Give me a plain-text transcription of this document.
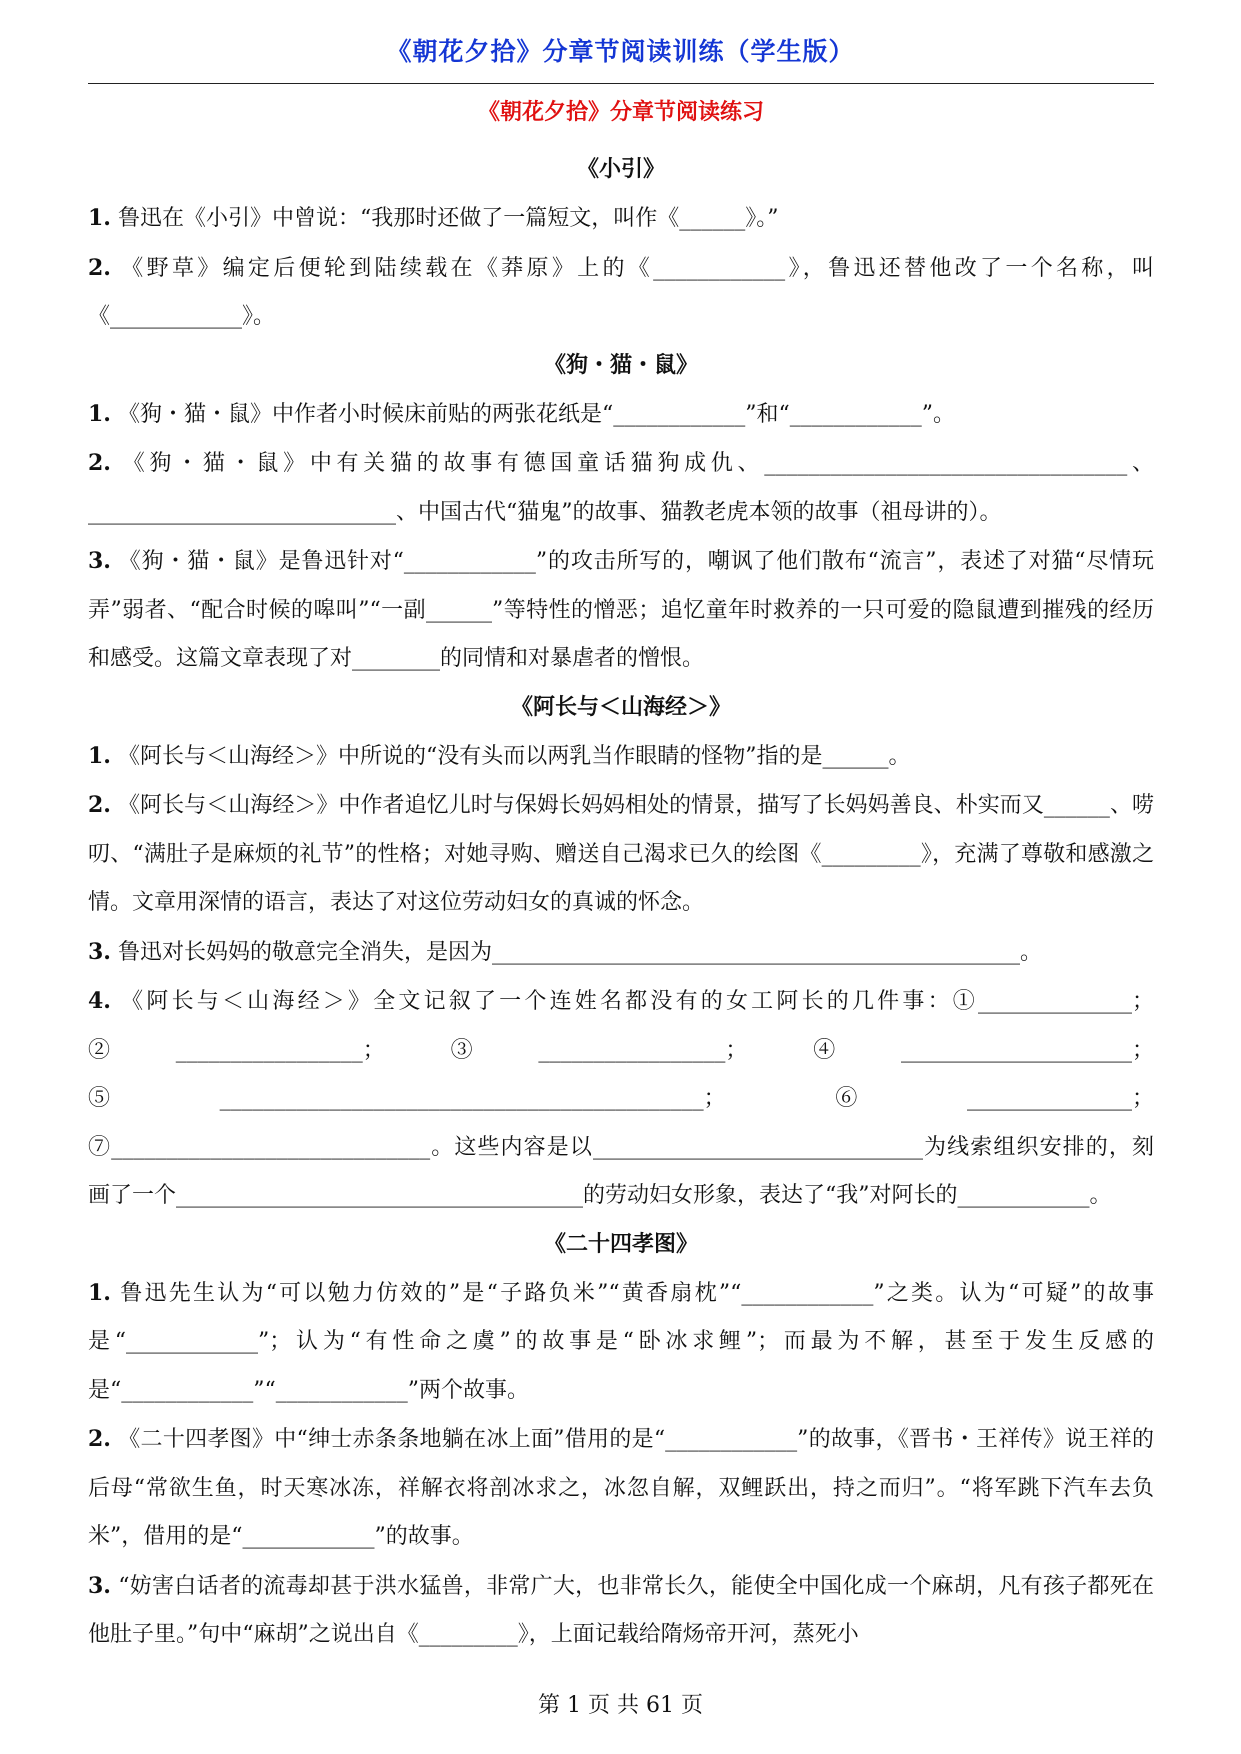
《朝花夕拾》分章节阅读训练（学生版）
《朝花夕拾》分章节阅读练习
《小引》
1. 鲁迅在《小引》中曾说：“我那时还做了一篇短文，叫作《______》。”
2. 《野草》编定后便轮到陆续载在《莽原》上的《____________》，鲁迅还替他改了一个名称，叫《____________》。
《狗・猫・鼠》
1. 《狗・猫・鼠》中作者小时候床前贴的两张花纸是“____________”和“____________”。
2. 《狗・猫・鼠》中有关猫的故事有德国童话猫狗成仇、_________________________________、____________________________、中国古代“猫鬼”的故事、猫教老虎本领的故事（祖母讲的）。
3. 《狗・猫・鼠》是鲁迅针对“____________”的攻击所写的，嘲讽了他们散布“流言”，表述了对猫“尽情玩弄”弱者、“配合时候的嗥叫”“一副______”等特性的憎恶；追忆童年时救养的一只可爱的隐鼠遭到摧残的经历和感受。这篇文章表现了对________的同情和对暴虐者的憎恨。
《阿长与＜山海经＞》
1. 《阿长与＜山海经＞》中所说的“没有头而以两乳当作眼睛的怪物”指的是______。
2. 《阿长与＜山海经＞》中作者追忆儿时与保姆长妈妈相处的情景，描写了长妈妈善良、朴实而又______、唠叨、“满肚子是麻烦的礼节”的性格；对她寻购、赠送自己渴求已久的绘图《_________》，充满了尊敬和感激之情。文章用深情的语言，表达了对这位劳动妇女的真诚的怀念。
3. 鲁迅对长妈妈的敬意完全消失，是因为________________________________________________。
4. 《阿长与＜山海经＞》全文记叙了一个连姓名都没有的女工阿长的几件事：①______________；②_________________；③_________________；④_____________________；⑤____________________________________________；⑥_______________；⑦_____________________________。这些内容是以______________________________为线索组织安排的，刻画了一个_____________________________________的劳动妇女形象，表达了“我”对阿长的____________。
《二十四孝图》
1. 鲁迅先生认为“可以勉力仿效的”是“子路负米”“黄香扇枕”“____________”之类。认为“可疑”的故事是“____________”；认为“有性命之虞”的故事是“卧冰求鲤”；而最为不解，甚至于发生反感的是“____________”“____________”两个故事。
2. 《二十四孝图》中“绅士赤条条地躺在冰上面”借用的是“____________”的故事，《晋书・王祥传》说王祥的后母“常欲生鱼，时天寒冰冻，祥解衣将剖冰求之，冰忽自解，双鲤跃出，持之而归”。“将军跳下汽车去负米”，借用的是“____________”的故事。
3. “妨害白话者的流毒却甚于洪水猛兽，非常广大，也非常长久，能使全中国化成一个麻胡，凡有孩子都死在他肚子里。”句中“麻胡”之说出自《_________》，上面记载给隋炀帝开河，蒸死小
第 1 页 共 61 页
